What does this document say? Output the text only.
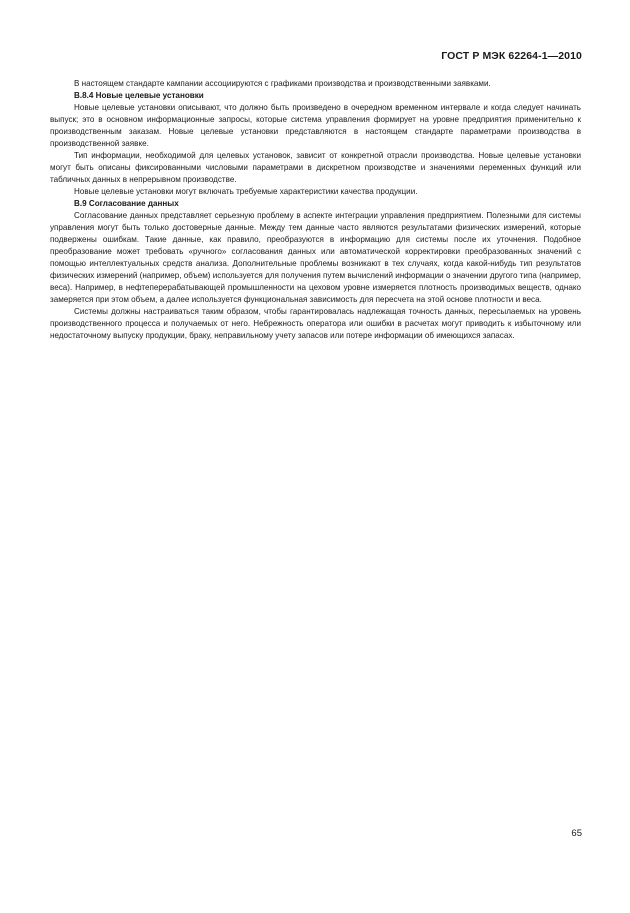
ГОСТ Р МЭК 62264-1—2010

В настоящем стандарте кампании ассоциируются с графиками производства и производственными заявками.

В.8.4 Новые целевые установки

Новые целевые установки описывают, что должно быть произведено в очередном временном интервале и когда следует начинать выпуск; это в основном информационные запросы, которые система управления формирует на уровне предприятия применительно к производственным заказам. Новые целевые установки представляются в настоящем стандарте параметрами производства в производственной заявке.

Тип информации, необходимой для целевых установок, зависит от конкретной отрасли производства. Новые целевые установки могут быть описаны фиксированными числовыми параметрами в дискретном производстве и значениями переменных функций или табличных данных в непрерывном производстве.

Новые целевые установки могут включать требуемые характеристики качества продукции.

В.9 Согласование данных

Согласование данных представляет серьезную проблему в аспекте интеграции управления предприятием. Полезными для системы управления могут быть только достоверные данные. Между тем данные часто являются результатами физических измерений, которые подвержены ошибкам. Такие данные, как правило, преобразуются в информацию для системы после их уточнения. Подобное преобразование может требовать «ручного» согласования данных или автоматической корректировки преобразованных значений с помощью интеллектуальных средств анализа. Дополнительные проблемы возникают в тех случаях, когда какой-нибудь тип результатов физических измерений (например, объем) используется для получения путем вычислений информации о значении другого типа (например, веса). Например, в нефтеперерабатывающей промышленности на цеховом уровне измеряется плотность производимых веществ, однако замеряется при этом объем, а далее используется функциональная зависимость для пересчета на этой основе плотности и веса.

Системы должны настраиваться таким образом, чтобы гарантировалась надлежащая точность данных, пересылаемых на уровень производственного процесса и получаемых от него. Небрежность оператора или ошибки в расчетах могут приводить к избыточному или недостаточному выпуску продукции, браку, неправильному учету запасов или потере информации об имеющихся запасах.

65
